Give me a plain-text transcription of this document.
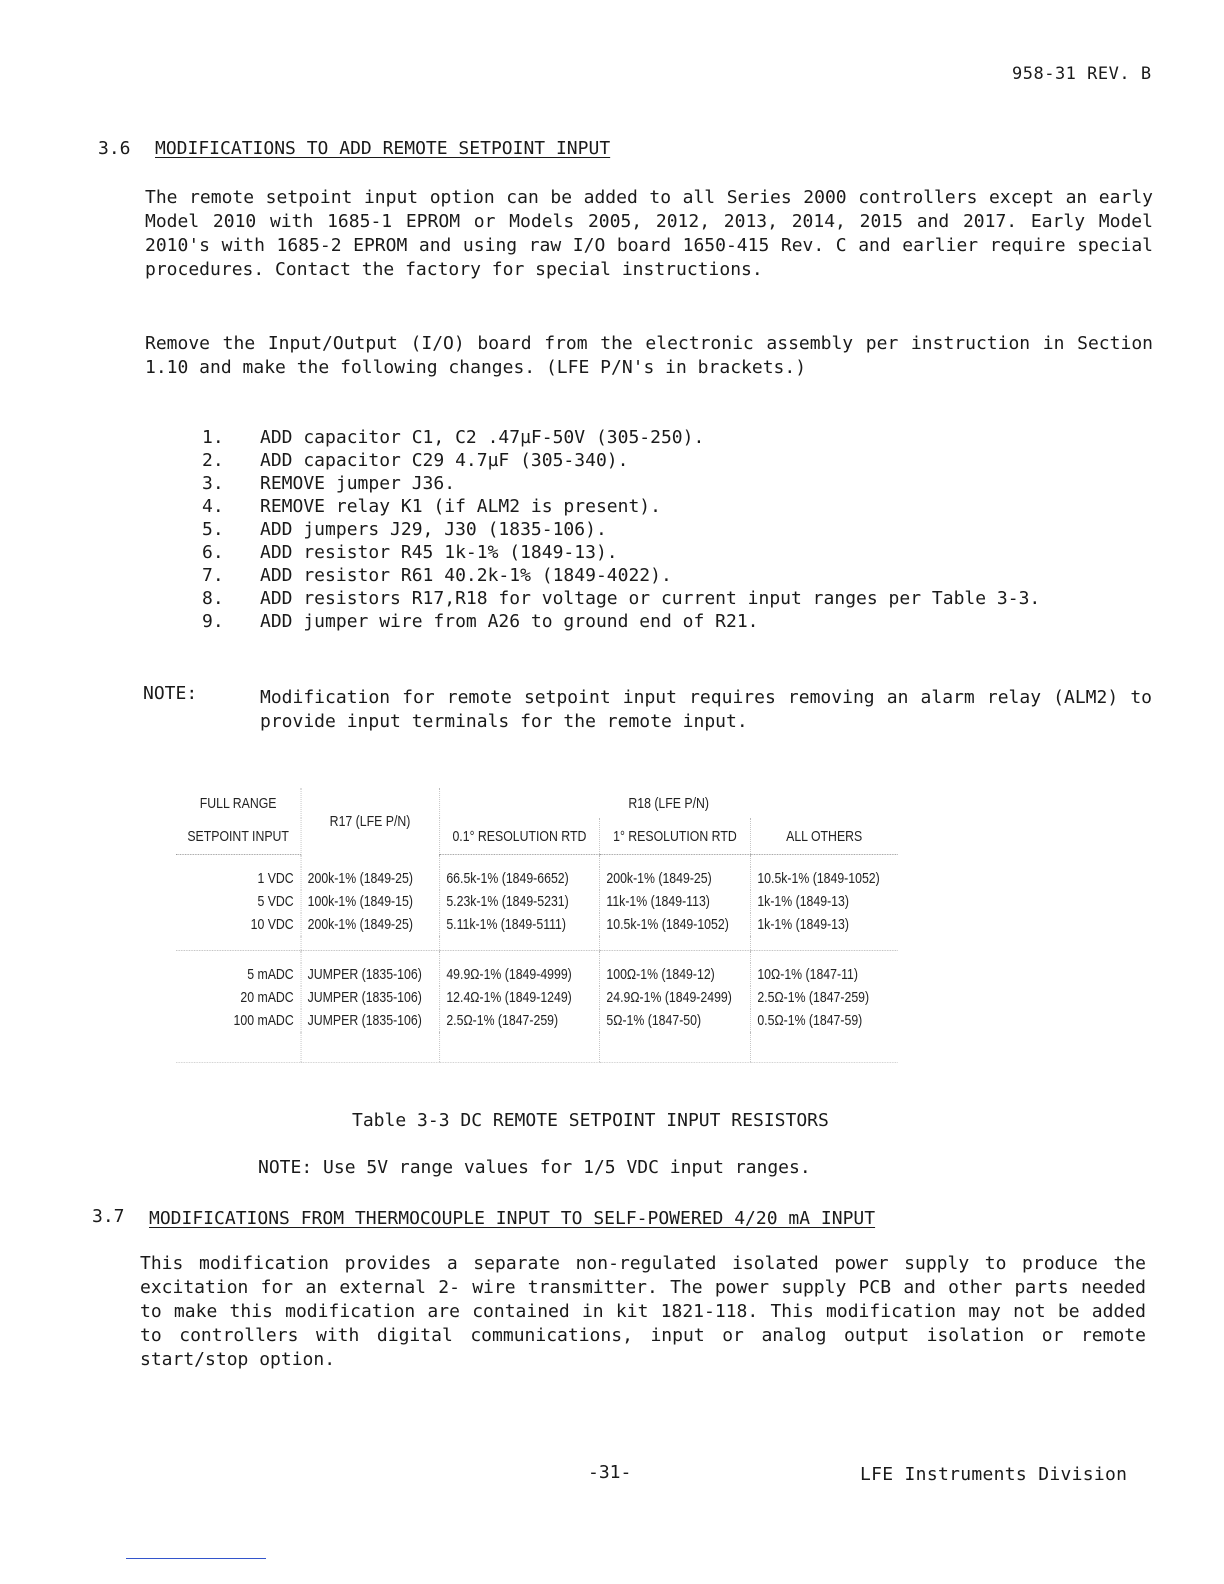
958-31 REV. B
3.6 MODIFICATIONS TO ADD REMOTE SETPOINT INPUT
The remote setpoint input option can be added to all Series 2000 controllers except an early Model 2010 with 1685-1 EPROM or Models 2005, 2012, 2013, 2014, 2015 and 2017. Early Model 2010's with 1685-2 EPROM and using raw I/O board 1650-415 Rev. C and earlier require special procedures. Contact the factory for special instructions.
Remove the Input/Output (I/O) board from the electronic assembly per instruction in Section 1.10 and make the following changes. (LFE P/N's in brackets.)
1. ADD capacitor C1, C2 .47µF-50V (305-250).
2. ADD capacitor C29 4.7µF (305-340).
3. REMOVE jumper J36.
4. REMOVE relay K1 (if ALM2 is present).
5. ADD jumpers J29, J30 (1835-106).
6. ADD resistor R45 1k-1% (1849-13).
7. ADD resistor R61 40.2k-1% (1849-4022).
8. ADD resistors R17,R18 for voltage or current input ranges per Table 3-3.
9. ADD jumper wire from A26 to ground end of R21.
NOTE:	Modification for remote setpoint input requires removing an alarm relay (ALM2) to provide input terminals for the remote input.
FULL RANGE	R17 (LFE P/N)	R18 (LFE P/N)		
SETPOINT INPUT		0.1° RESOLUTION RTD	1° RESOLUTION RTD	ALL OTHERS

1 VDC	200k-1% (1849-25)	66.5k-1% (1849-6652)	200k-1% (1849-25)	10.5k-1% (1849-1052)
5 VDC	100k-1% (1849-15)	5.23k-1% (1849-5231)	11k-1% (1849-113)	1k-1% (1849-13)
10 VDC	200k-1% (1849-25)	5.11k-1% (1849-5111)	10.5k-1% (1849-1052)	1k-1% (1849-13)

5 mADC	JUMPER (1835-106)	49.9Ω-1% (1849-4999)	100Ω-1% (1849-12)	10Ω-1% (1847-11)
20 mADC	JUMPER (1835-106)	12.4Ω-1% (1849-1249)	24.9Ω-1% (1849-2499)	2.5Ω-1% (1847-259)
100 mADC	JUMPER (1835-106)	2.5Ω-1% (1847-259)	5Ω-1% (1847-50)	0.5Ω-1% (1847-59)

Table 3-3 DC REMOTE SETPOINT INPUT RESISTORS
NOTE: Use 5V range values for 1/5 VDC input ranges.
3.7 MODIFICATIONS FROM THERMOCOUPLE INPUT TO SELF-POWERED 4/20 mA INPUT
This modification provides a separate non-regulated isolated power supply to produce the excitation for an external 2- wire transmitter. The power supply PCB and other parts needed to make this modification are contained in kit 1821-118. This modification may not be added to controllers with digital communications, input or analog output isolation or remote start/stop option.
-31-	LFE Instruments Division
